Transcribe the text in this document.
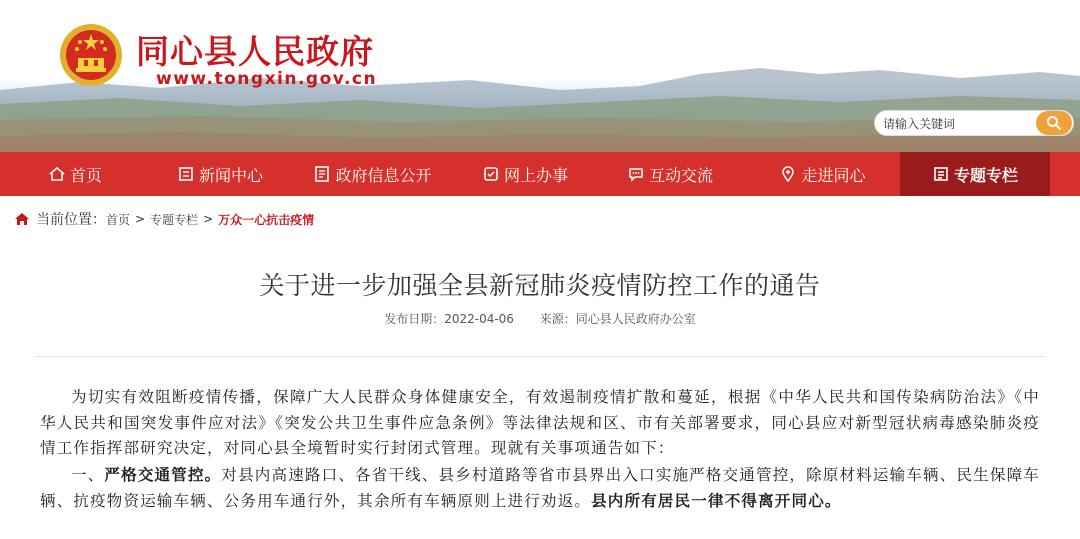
同心县人民政府
www.tongxin.gov.cn
请输入关键词
首页	新闻中心	政府信息公开	网上办事	互动交流	走进同心	专题专栏
当前位置： 首页 > 专题专栏 > 万众一心抗击疫情
关于进一步加强全县新冠肺炎疫情防控工作的通告
发布日期：2022-04-06 来源：同心县人民政府办公室

为切实有效阻断疫情传播，保障广大人民群众身体健康安全，有效遏制疫情扩散和蔓延，根据《中华人民共和国传染病防治法》《中华人民共和国突发事件应对法》《突发公共卫生事件应急条例》等法律法规和区、市有关部署要求，同心县应对新型冠状病毒感染肺炎疫情工作指挥部研究决定，对同心县全境暂时实行封闭式管理。现就有关事项通告如下：

一、严格交通管控。对县内高速路口、各省干线、县乡村道路等省市县界出入口实施严格交通管控，除原材料运输车辆、民生保障车辆、抗疫物资运输车辆、公务用车通行外，其余所有车辆原则上进行劝返。县内所有居民一律不得离开同心。
